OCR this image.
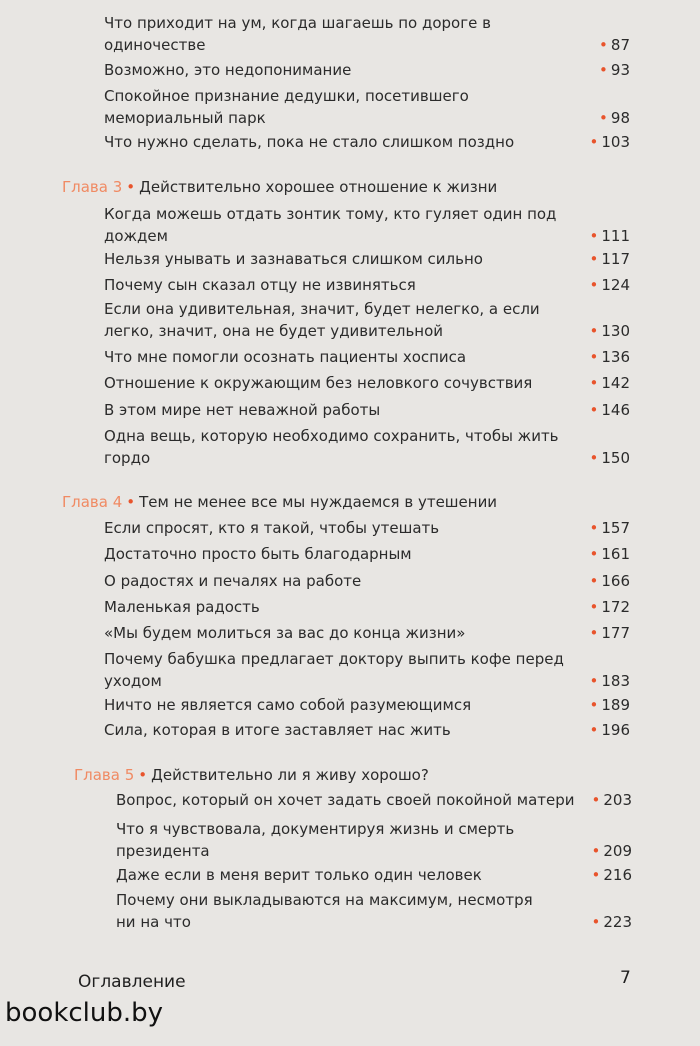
Что приходит на ум, когда шагаешь по дороге в одиночестве	• 87
Возможно, это недопонимание	• 93
Спокойное признание дедушки, посетившего мемориальный парк	• 98
Что нужно сделать, пока не стало слишком поздно	• 103
Глава 3 • Действительно хорошее отношение к жизни
Когда можешь отдать зонтик тому, кто гуляет один под дождем	• 111
Нельзя унывать и зазнаваться слишком сильно	• 117
Почему сын сказал отцу не извиняться	• 124
Если она удивительная, значит, будет нелегко, а если легко, значит, она не будет удивительной	• 130
Что мне помогли осознать пациенты хосписа	• 136
Отношение к окружающим без неловкого сочувствия	• 142
В этом мире нет неважной работы	• 146
Одна вещь, которую необходимо сохранить, чтобы жить гордо	• 150
Глава 4 • Тем не менее все мы нуждаемся в утешении
Если спросят, кто я такой, чтобы утешать	• 157
Достаточно просто быть благодарным	• 161
О радостях и печалях на работе	• 166
Маленькая радость	• 172
«Мы будем молиться за вас до конца жизни»	• 177
Почему бабушка предлагает доктору выпить кофе перед уходом	• 183
Ничто не является само собой разумеющимся	• 189
Сила, которая в итоге заставляет нас жить	• 196
Глава 5 • Действительно ли я живу хорошо?
Вопрос, который он хочет задать своей покойной матери	• 203
Что я чувствовала, документируя жизнь и смерть президента	• 209
Даже если в меня верит только один человек	• 216
Почему они выкладываются на максимум, несмотря ни на что	• 223
Оглавление	7
bookclub.by
